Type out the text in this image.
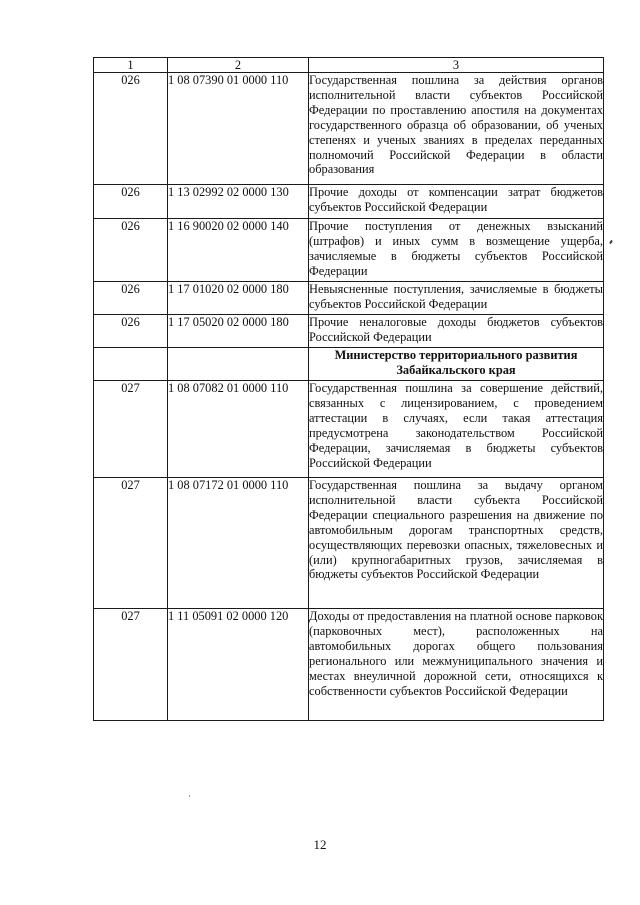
1	2	3
026	1 08 07390 01 0000 110	Государственная пошлина за действия органов исполнительной власти субъектов Российской Федерации по проставлению апостиля на документах государственного образца об образовании, об ученых степенях и ученых званиях в пределах переданных полномочий Российской Федерации в области образования
026	1 13 02992 02 0000 130	Прочие доходы от компенсации затрат бюджетов субъектов Российской Федерации
026	1 16 90020 02 0000 140	Прочие поступления от денежных взысканий (штрафов) и иных сумм в возмещение ущерба, зачисляемые в бюджеты субъектов Российской Федерации
026	1 17 01020 02 0000 180	Невыясненные поступления, зачисляемые в бюджеты субъектов Российской Федерации
026	1 17 05020 02 0000 180	Прочие неналоговые доходы бюджетов субъектов Российской Федерации
		Министерство территориального развития Забайкальского края
027	1 08 07082 01 0000 110	Государственная пошлина за совершение действий, связанных с лицензированием, с проведением аттестации в случаях, если такая аттестация предусмотрена законодательством Российской Федерации, зачисляемая в бюджеты субъектов Российской Федерации
027	1 08 07172 01 0000 110	Государственная пошлина за выдачу органом исполнительной власти субъекта Российской Федерации специального разрешения на движение по автомобильным дорогам транспортных средств, осуществляющих перевозки опасных, тяжеловесных и (или) крупногабаритных грузов, зачисляемая в бюджеты субъектов Российской Федерации
027	1 11 05091 02 0000 120	Доходы от предоставления на платной основе парковок (парковочных мест), расположенных на автомобильных дорогах общего пользования регионального или межмуниципального значения и местах внеуличной дорожной сети, относящихся к собственности субъектов Российской Федерации
12
